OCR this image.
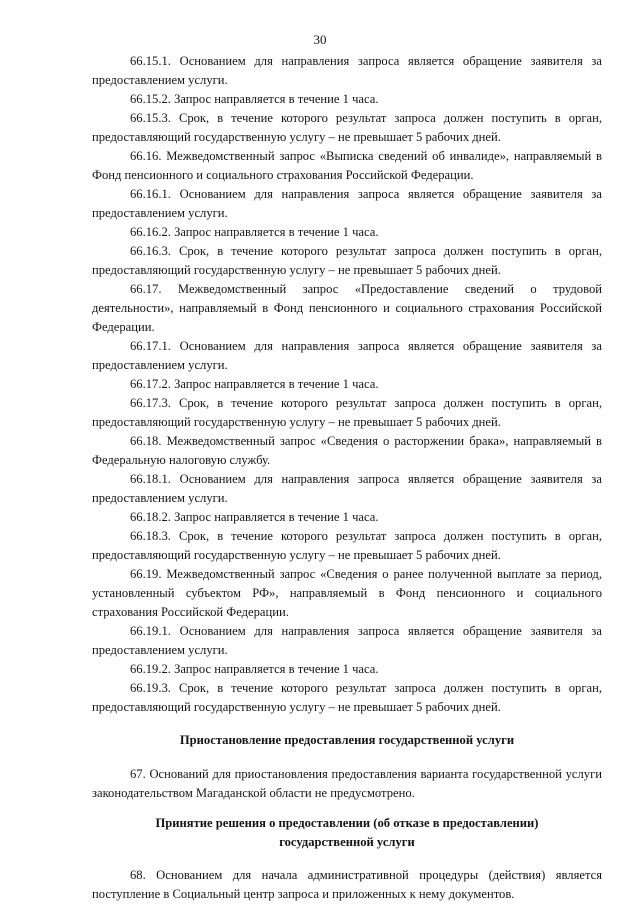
30

66.15.1. Основанием для направления запроса является обращение заявителя за предоставлением услуги.

66.15.2. Запрос направляется в течение 1 часа.

66.15.3. Срок, в течение которого результат запроса должен поступить в орган, предоставляющий государственную услугу – не превышает 5 рабочих дней.

66.16. Межведомственный запрос «Выписка сведений об инвалиде», направляемый в Фонд пенсионного и социального страхования Российской Федерации.

66.16.1. Основанием для направления запроса является обращение заявителя за предоставлением услуги.

66.16.2. Запрос направляется в течение 1 часа.

66.16.3. Срок, в течение которого результат запроса должен поступить в орган, предоставляющий государственную услугу – не превышает 5 рабочих дней.

66.17. Межведомственный запрос «Предоставление сведений о трудовой деятельности», направляемый в Фонд пенсионного и социального страхования Российской Федерации.

66.17.1. Основанием для направления запроса является обращение заявителя за предоставлением услуги.

66.17.2. Запрос направляется в течение 1 часа.

66.17.3. Срок, в течение которого результат запроса должен поступить в орган, предоставляющий государственную услугу – не превышает 5 рабочих дней.

66.18. Межведомственный запрос «Сведения о расторжении брака», направляемый в Федеральную налоговую службу.

66.18.1. Основанием для направления запроса является обращение заявителя за предоставлением услуги.

66.18.2. Запрос направляется в течение 1 часа.

66.18.3. Срок, в течение которого результат запроса должен поступить в орган, предоставляющий государственную услугу – не превышает 5 рабочих дней.

66.19. Межведомственный запрос «Сведения о ранее полученной выплате за период, установленный субъектом РФ», направляемый в Фонд пенсионного и социального страхования Российской Федерации.

66.19.1. Основанием для направления запроса является обращение заявителя за предоставлением услуги.

66.19.2. Запрос направляется в течение 1 часа.

66.19.3. Срок, в течение которого результат запроса должен поступить в орган, предоставляющий государственную услугу – не превышает 5 рабочих дней.

Приостановление предоставления государственной услуги

67. Оснований для приостановления предоставления варианта государственной услуги законодательством Магаданской области не предусмотрено.

Принятие решения о предоставлении (об отказе в предоставлении)
государственной услуги

68. Основанием для начала административной процедуры (действия) является поступление в Социальный центр запроса и приложенных к нему документов.
